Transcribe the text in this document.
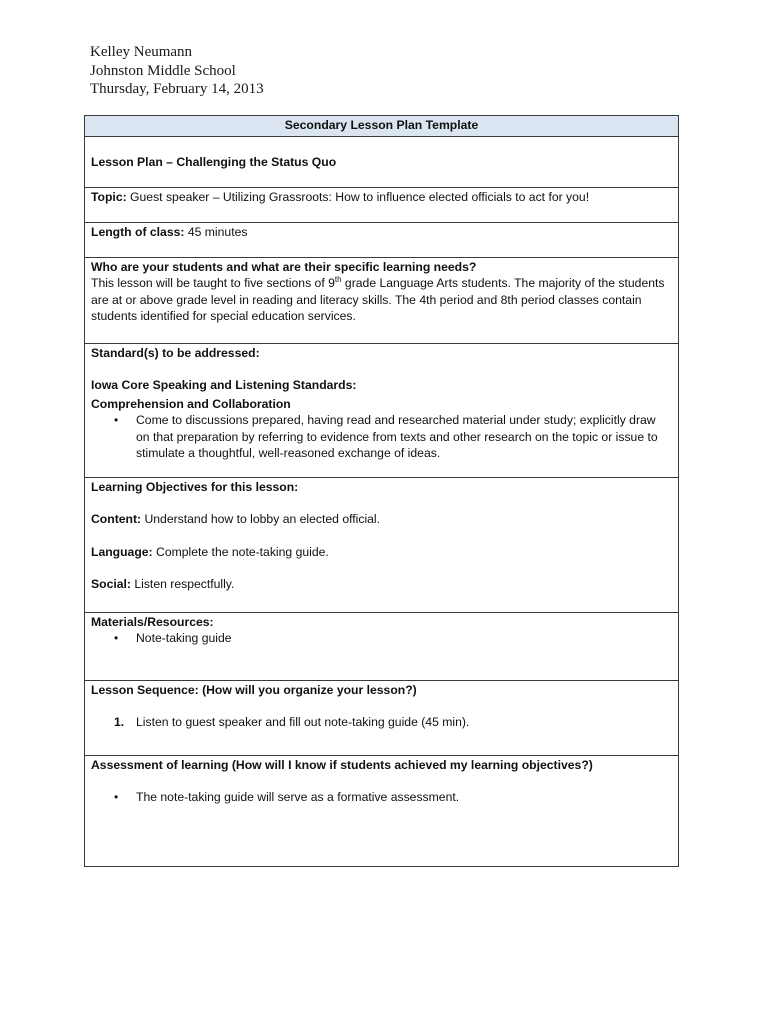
Kelley Neumann
Johnston Middle School
Thursday, February 14, 2013
Secondary Lesson Plan Template
Lesson Plan – Challenging the Status Quo
Topic: Guest speaker – Utilizing Grassroots: How to influence elected officials to act for you!
Length of class: 45 minutes

Who are your students and what are their specific learning needs?
This lesson will be taught to five sections of 9th grade Language Arts students. The majority of the students are at or above grade level in reading and literacy skills. The 4th period and 8th period classes contain students identified for special education services.

Standard(s) to be addressed:
Iowa Core Speaking and Listening Standards:
Comprehension and Collaboration
• Come to discussions prepared, having read and researched material under study; explicitly draw on that preparation by referring to evidence from texts and other research on the topic or issue to stimulate a thoughtful, well-reasoned exchange of ideas.

Learning Objectives for this lesson:
Content: Understand how to lobby an elected official.
Language: Complete the note-taking guide.
Social: Listen respectfully.

Materials/Resources:
• Note-taking guide

Lesson Sequence: (How will you organize your lesson?)
1. Listen to guest speaker and fill out note-taking guide (45 min).

Assessment of learning (How will I know if students achieved my learning objectives?)
• The note-taking guide will serve as a formative assessment.
